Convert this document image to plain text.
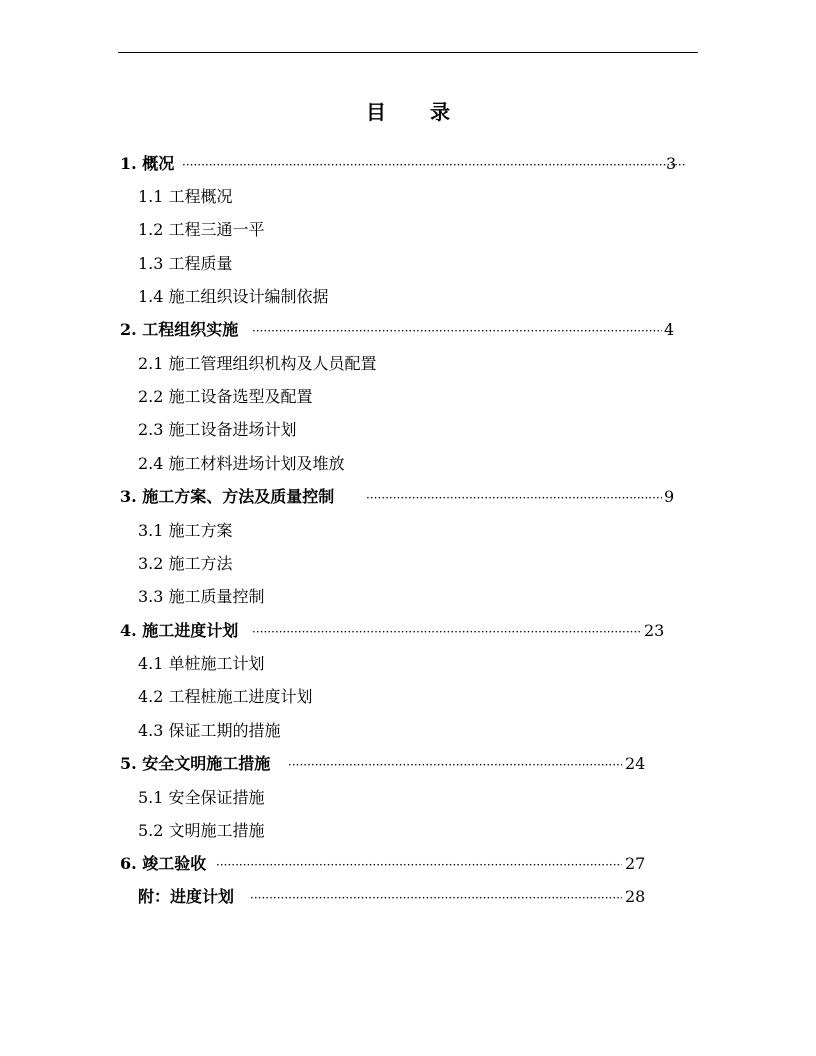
目 录
1. 概况 ·····	3
1.1 工程概况
1.2 工程三通一平
1.3 工程质量
1.4 施工组织设计编制依据
2. 工程组织实施 ·····	4
2.1 施工管理组织机构及人员配置
2.2 施工设备选型及配置
2.3 施工设备进场计划
2.4 施工材料进场计划及堆放
3. 施工方案、方法及质量控制 ·····	9
3.1 施工方案
3.2 施工方法
3.3 施工质量控制
4. 施工进度计划 ·····	23
4.1 单桩施工计划
4.2 工程桩施工进度计划
4.3 保证工期的措施
5. 安全文明施工措施 ·····	24
5.1 安全保证措施
5.2 文明施工措施
6. 竣工验收 ·····	27
附：进度计划 ·····	28
